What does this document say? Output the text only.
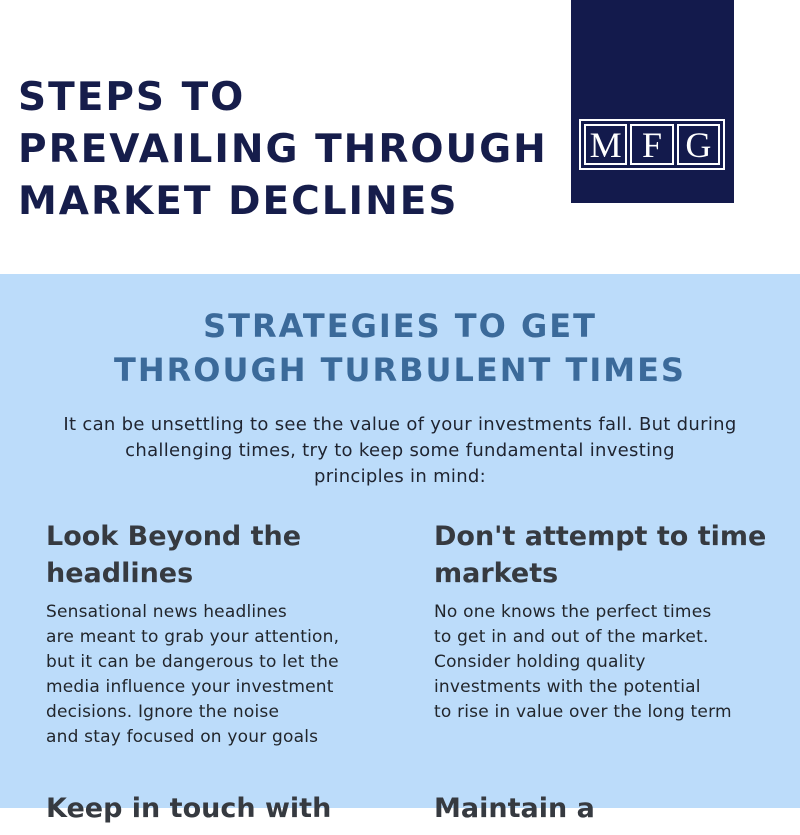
STEPS TO
PREVAILING THROUGH
MARKET DECLINES
M F G
STRATEGIES TO GET
THROUGH TURBULENT TIMES

It can be unsettling to see the value of your investments fall. But during
challenging times, try to keep some fundamental investing
principles in mind:

Look Beyond the
headlines

Sensational news headlines
are meant to grab your attention,
but it can be dangerous to let the
media influence your investment
decisions. Ignore the noise
and stay focused on your goals

Don't attempt to time
markets

No one knows the perfect times
to get in and out of the market.
Consider holding quality
investments with the potential
to rise in value over the long term

Keep in touch with	Maintain a
